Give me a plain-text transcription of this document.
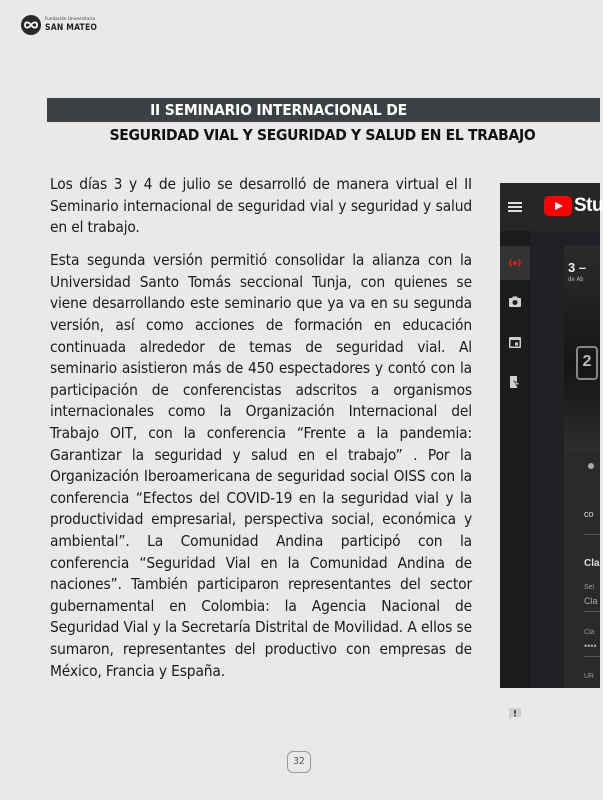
Fundación Universitaria
SAN MATEO
II SEMINARIO INTERNACIONAL DE
SEGURIDAD VIAL Y SEGURIDAD Y SALUD EN EL TRABAJO

Los días 3 y 4 de julio se desarrolló de manera virtual el II Seminario internacional de seguridad vial y seguridad y salud en el trabajo.

Esta segunda versión permitió consolidar la alianza con la Universidad Santo Tomás seccional Tunja, con quienes se viene desarrollando este seminario que ya va en su segunda versión, así como acciones de formación en educación continuada alrededor de temas de seguridad vial. Al seminario asistieron más de 450 espectadores y contó con la participación de conferencistas adscritos a organismos internacionales como la Organización Internacional del Trabajo OIT, con la conferencia “Frente a la pandemia: Garantizar la seguridad y salud en el trabajo” . Por la Organización Iberoamericana de seguridad social OISS con la conferencia “Efectos del COVID-19 en la seguridad vial y la productividad empresarial, perspectiva social, económica y ambiental”. La Comunidad Andina participó con la conferencia “Seguridad Vial en la Comunidad Andina de naciones”. También participaron representantes del sector gubernamental en Colombia: la Agencia Nacional de Seguridad Vial y la Secretaría Distrital de Movilidad. A ellos se sumaron, representantes del productivo con empresas de México, Francia y España.

Stu
3 –
de Ab
2
co
Cla
Sel
Cla
Cla
••••
UR
32
